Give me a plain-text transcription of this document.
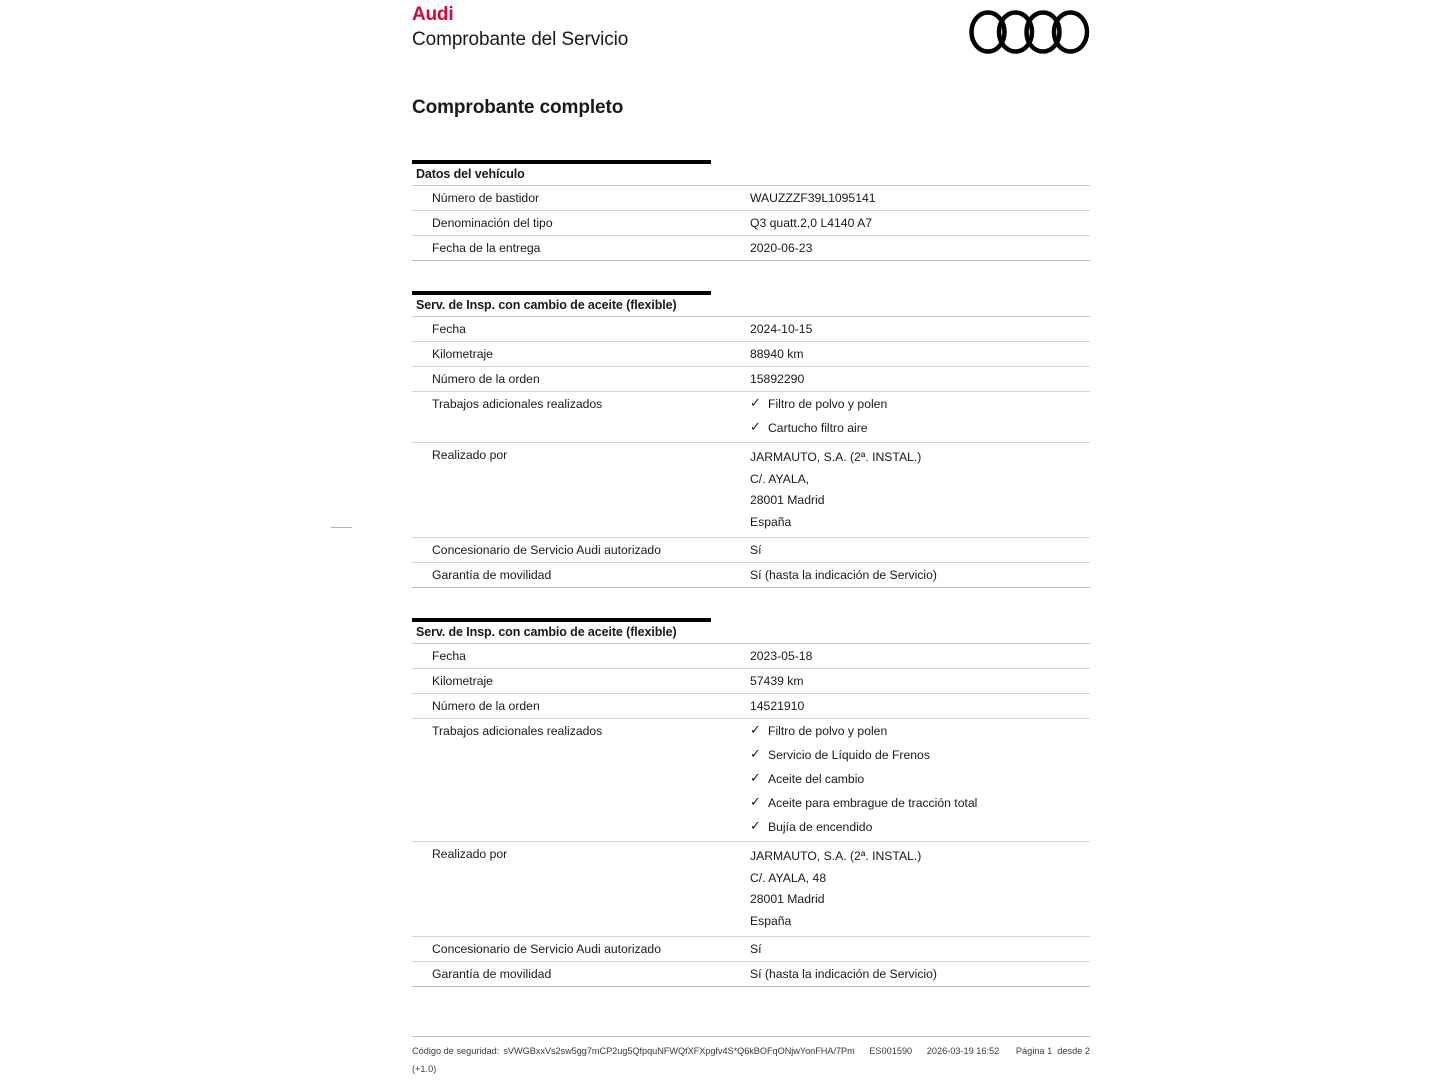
Audi
Comprobante del Servicio
Comprobante completo
Datos del vehículo
Número de bastidor	WAUZZZF39L1095141
Denominación del tipo	Q3 quatt.2,0 L4140 A7
Fecha de la entrega	2020-06-23
Serv. de Insp. con cambio de aceite (flexible)
Fecha	2024-10-15
Kilometraje	88940 km
Número de la orden	15892290
Trabajos adicionales realizados	✓ Filtro de polvo y polen
✓ Cartucho filtro aire

Realizado por	JARMAUTO, S.A. (2ª. INSTAL.)
C/. AYALA,
28001 Madrid
España

Concesionario de Servicio Audi autorizado	Sí
Garantía de movilidad	Sí (hasta la indicación de Servicio)
Serv. de Insp. con cambio de aceite (flexible)
Fecha	2023-05-18
Kilometraje	57439 km
Número de la orden	14521910
Trabajos adicionales realizados	✓ Filtro de polvo y polen
✓ Servicio de Líquido de Frenos
✓ Aceite del cambio
✓ Aceite para embrague de tracción total
✓ Bujía de encendido

Realizado por	JARMAUTO, S.A. (2ª. INSTAL.)
C/. AYALA, 48
28001 Madrid
España

Concesionario de Servicio Audi autorizado	Sí
Garantía de movilidad	Sí (hasta la indicación de Servicio)
Código de seguridad: sVWGBxxVs2sw5gg7mCP2ug5QfpquNFWQfXFXpgfv4S*Q6kBOFqONjwYonFHA/7Pm ES001590 2026-03-19 16:52 Página 1  desde 2
(+1.0)
